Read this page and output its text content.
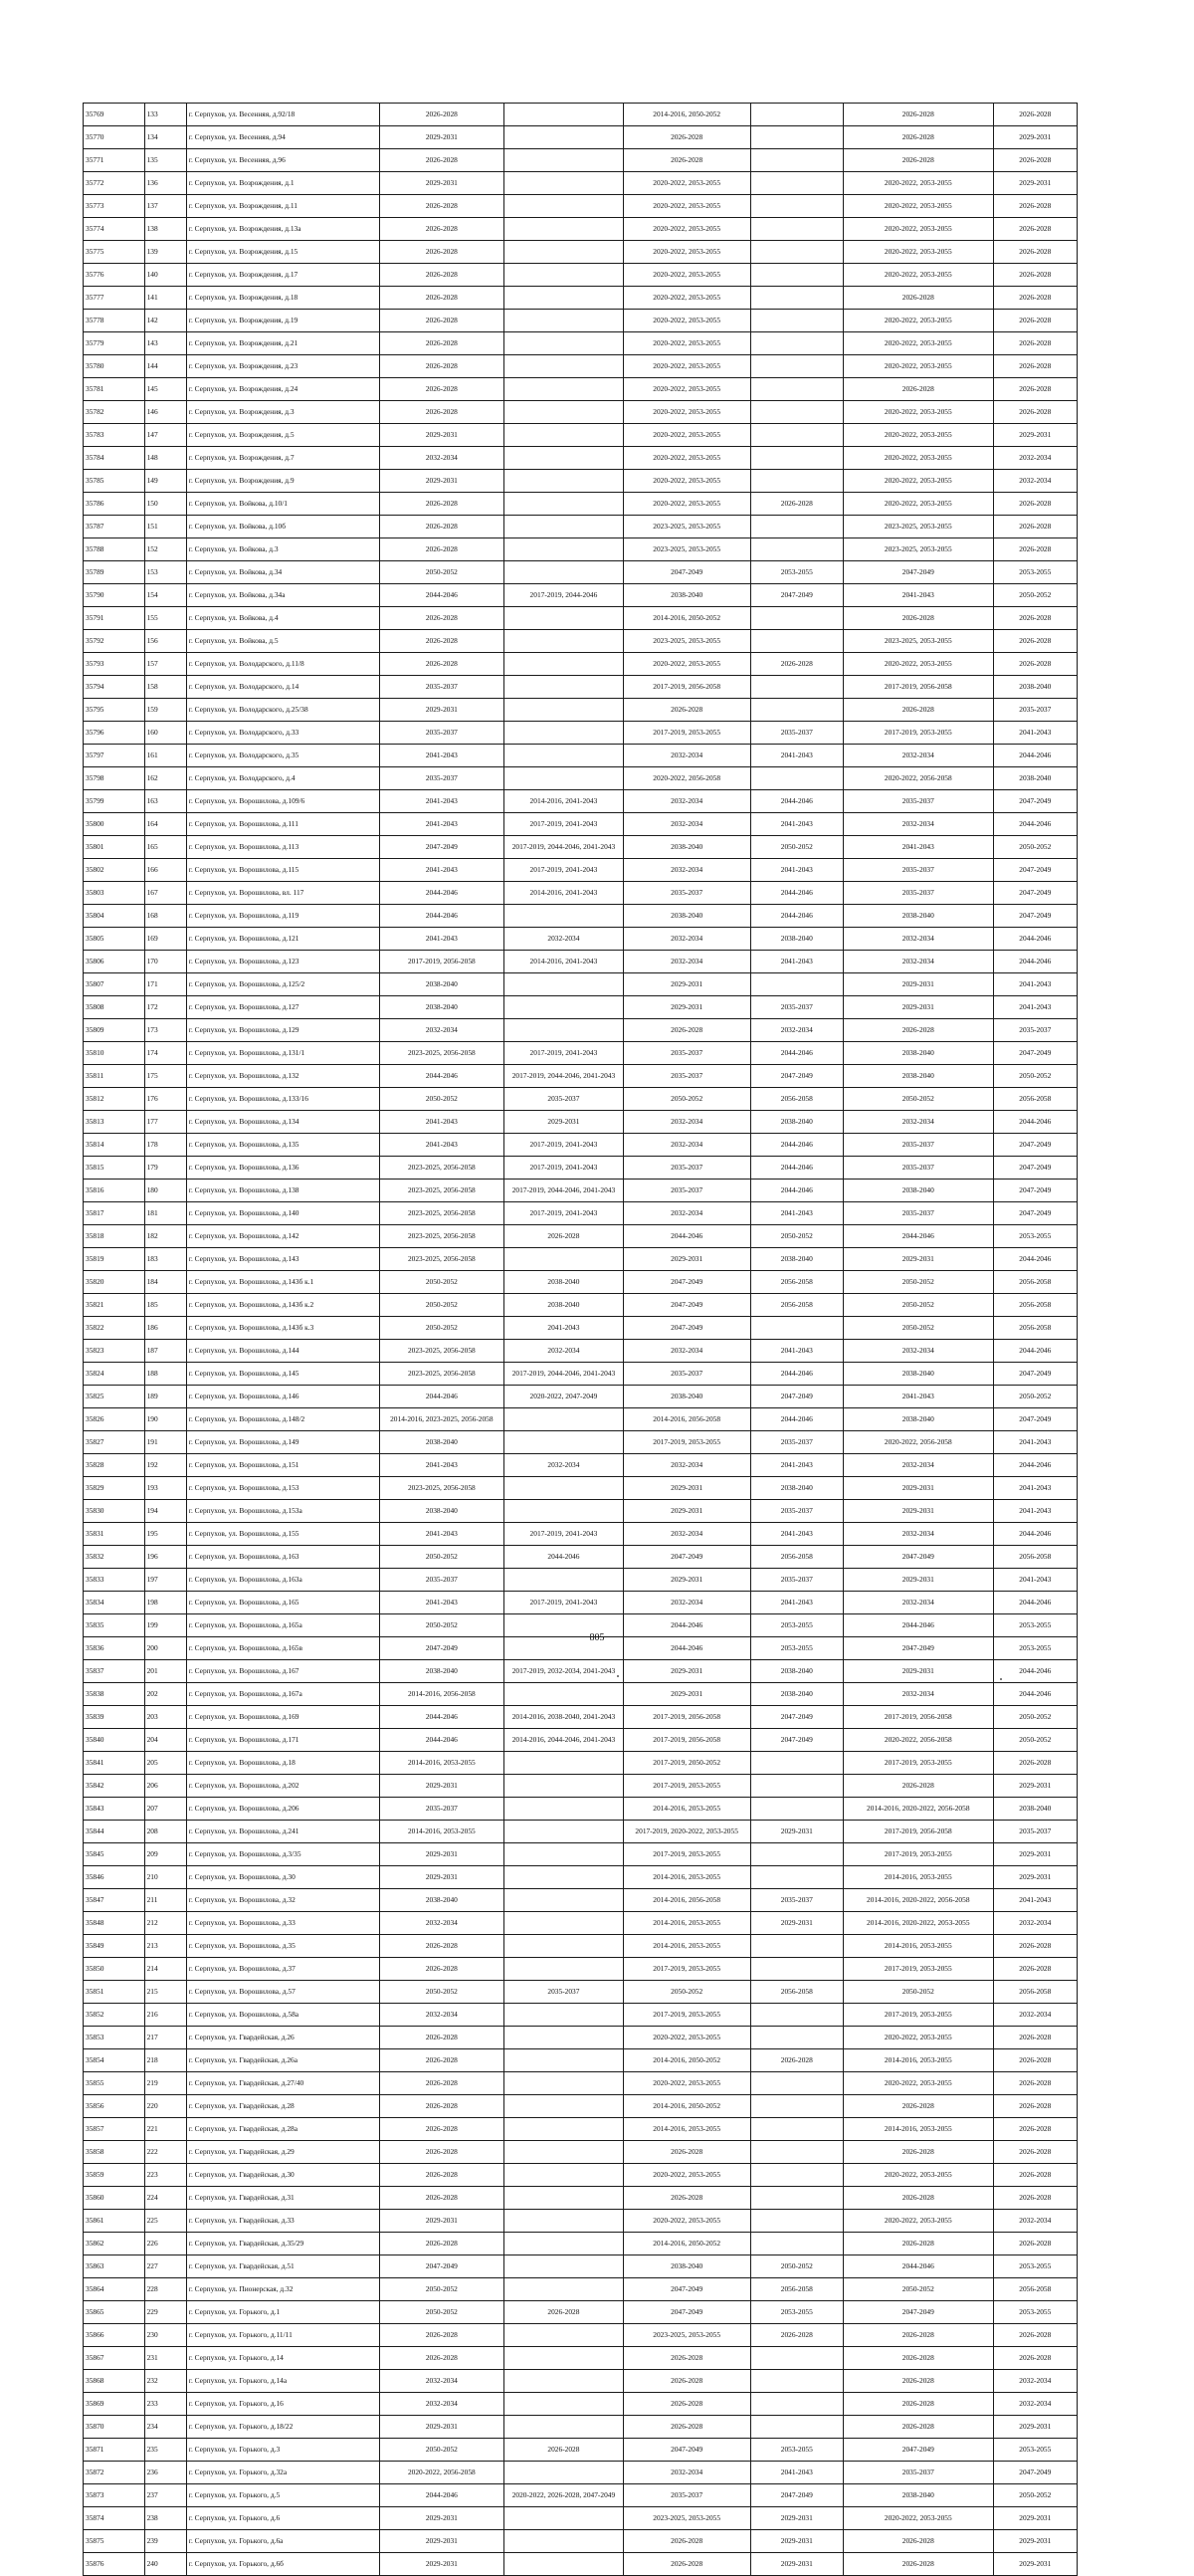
35769	133	г. Серпухов, ул. Весенняя, д.92/18	2026-2028		2014-2016, 2050-2052		2026-2028	2026-2028
35770	134	г. Серпухов, ул. Весенняя, д.94	2029-2031		2026-2028		2026-2028	2029-2031
35771	135	г. Серпухов, ул. Весенняя, д.96	2026-2028		2026-2028		2026-2028	2026-2028
35772	136	г. Серпухов, ул. Возрождения, д.1	2029-2031		2020-2022, 2053-2055		2020-2022, 2053-2055	2029-2031
35773	137	г. Серпухов, ул. Возрождения, д.11	2026-2028		2020-2022, 2053-2055		2020-2022, 2053-2055	2026-2028
35774	138	г. Серпухов, ул. Возрождения, д.13а	2026-2028		2020-2022, 2053-2055		2020-2022, 2053-2055	2026-2028
35775	139	г. Серпухов, ул. Возрождения, д.15	2026-2028		2020-2022, 2053-2055		2020-2022, 2053-2055	2026-2028
35776	140	г. Серпухов, ул. Возрождения, д.17	2026-2028		2020-2022, 2053-2055		2020-2022, 2053-2055	2026-2028
35777	141	г. Серпухов, ул. Возрождения, д.18	2026-2028		2020-2022, 2053-2055		2026-2028	2026-2028
35778	142	г. Серпухов, ул. Возрождения, д.19	2026-2028		2020-2022, 2053-2055		2020-2022, 2053-2055	2026-2028
35779	143	г. Серпухов, ул. Возрождения, д.21	2026-2028		2020-2022, 2053-2055		2020-2022, 2053-2055	2026-2028
35780	144	г. Серпухов, ул. Возрождения, д.23	2026-2028		2020-2022, 2053-2055		2020-2022, 2053-2055	2026-2028
35781	145	г. Серпухов, ул. Возрождения, д.24	2026-2028		2020-2022, 2053-2055		2026-2028	2026-2028
35782	146	г. Серпухов, ул. Возрождения, д.3	2026-2028		2020-2022, 2053-2055		2020-2022, 2053-2055	2026-2028
35783	147	г. Серпухов, ул. Возрождения, д.5	2029-2031		2020-2022, 2053-2055		2020-2022, 2053-2055	2029-2031
35784	148	г. Серпухов, ул. Возрождения, д.7	2032-2034		2020-2022, 2053-2055		2020-2022, 2053-2055	2032-2034
35785	149	г. Серпухов, ул. Возрождения, д.9	2029-2031		2020-2022, 2053-2055		2020-2022, 2053-2055	2032-2034
35786	150	г. Серпухов, ул. Войкова, д.10/1	2026-2028		2020-2022, 2053-2055	2026-2028	2020-2022, 2053-2055	2026-2028
35787	151	г. Серпухов, ул. Войкова, д.10б	2026-2028		2023-2025, 2053-2055		2023-2025, 2053-2055	2026-2028
35788	152	г. Серпухов, ул. Войкова, д.3	2026-2028		2023-2025, 2053-2055		2023-2025, 2053-2055	2026-2028
35789	153	г. Серпухов, ул. Войкова, д.34	2050-2052		2047-2049	2053-2055	2047-2049	2053-2055
35790	154	г. Серпухов, ул. Войкова, д.34а	2044-2046	2017-2019, 2044-2046	2038-2040	2047-2049	2041-2043	2050-2052
35791	155	г. Серпухов, ул. Войкова, д.4	2026-2028		2014-2016, 2050-2052		2026-2028	2026-2028
35792	156	г. Серпухов, ул. Войкова, д.5	2026-2028		2023-2025, 2053-2055		2023-2025, 2053-2055	2026-2028
35793	157	г. Серпухов, ул. Володарского, д.11/8	2026-2028		2020-2022, 2053-2055	2026-2028	2020-2022, 2053-2055	2026-2028
35794	158	г. Серпухов, ул. Володарского, д.14	2035-2037		2017-2019, 2056-2058		2017-2019, 2056-2058	2038-2040
35795	159	г. Серпухов, ул. Володарского, д.25/38	2029-2031		2026-2028		2026-2028	2035-2037
35796	160	г. Серпухов, ул. Володарского, д.33	2035-2037		2017-2019, 2053-2055	2035-2037	2017-2019, 2053-2055	2041-2043
35797	161	г. Серпухов, ул. Володарского, д.35	2041-2043		2032-2034	2041-2043	2032-2034	2044-2046
35798	162	г. Серпухов, ул. Володарского, д.4	2035-2037		2020-2022, 2056-2058		2020-2022, 2056-2058	2038-2040
35799	163	г. Серпухов, ул. Ворошилова, д.109/6	2041-2043	2014-2016, 2041-2043	2032-2034	2044-2046	2035-2037	2047-2049
35800	164	г. Серпухов, ул. Ворошилова, д.111	2041-2043	2017-2019, 2041-2043	2032-2034	2041-2043	2032-2034	2044-2046
35801	165	г. Серпухов, ул. Ворошилова, д.113	2047-2049	2017-2019, 2044-2046, 2041-2043	2038-2040	2050-2052	2041-2043	2050-2052
35802	166	г. Серпухов, ул. Ворошилова, д.115	2041-2043	2017-2019, 2041-2043	2032-2034	2041-2043	2035-2037	2047-2049
35803	167	г. Серпухов, ул. Ворошилова, вл. 117	2044-2046	2014-2016, 2041-2043	2035-2037	2044-2046	2035-2037	2047-2049
35804	168	г. Серпухов, ул. Ворошилова, д.119	2044-2046		2038-2040	2044-2046	2038-2040	2047-2049
35805	169	г. Серпухов, ул. Ворошилова, д.121	2041-2043	2032-2034	2032-2034	2038-2040	2032-2034	2044-2046
35806	170	г. Серпухов, ул. Ворошилова, д.123	2017-2019, 2056-2058	2014-2016, 2041-2043	2032-2034	2041-2043	2032-2034	2044-2046
35807	171	г. Серпухов, ул. Ворошилова, д.125/2	2038-2040		2029-2031		2029-2031	2041-2043
35808	172	г. Серпухов, ул. Ворошилова, д.127	2038-2040		2029-2031	2035-2037	2029-2031	2041-2043
35809	173	г. Серпухов, ул. Ворошилова, д.129	2032-2034		2026-2028	2032-2034	2026-2028	2035-2037
35810	174	г. Серпухов, ул. Ворошилова, д.131/1	2023-2025, 2056-2058	2017-2019, 2041-2043	2035-2037	2044-2046	2038-2040	2047-2049
35811	175	г. Серпухов, ул. Ворошилова, д.132	2044-2046	2017-2019, 2044-2046, 2041-2043	2035-2037	2047-2049	2038-2040	2050-2052
35812	176	г. Серпухов, ул. Ворошилова, д.133/16	2050-2052	2035-2037	2050-2052	2056-2058	2050-2052	2056-2058
35813	177	г. Серпухов, ул. Ворошилова, д.134	2041-2043	2029-2031	2032-2034	2038-2040	2032-2034	2044-2046
35814	178	г. Серпухов, ул. Ворошилова, д.135	2041-2043	2017-2019, 2041-2043	2032-2034	2044-2046	2035-2037	2047-2049
35815	179	г. Серпухов, ул. Ворошилова, д.136	2023-2025, 2056-2058	2017-2019, 2041-2043	2035-2037	2044-2046	2035-2037	2047-2049
35816	180	г. Серпухов, ул. Ворошилова, д.138	2023-2025, 2056-2058	2017-2019, 2044-2046, 2041-2043	2035-2037	2044-2046	2038-2040	2047-2049
35817	181	г. Серпухов, ул. Ворошилова, д.140	2023-2025, 2056-2058	2017-2019, 2041-2043	2032-2034	2041-2043	2035-2037	2047-2049
35818	182	г. Серпухов, ул. Ворошилова, д.142	2023-2025, 2056-2058	2026-2028	2044-2046	2050-2052	2044-2046	2053-2055
35819	183	г. Серпухов, ул. Ворошилова, д.143	2023-2025, 2056-2058		2029-2031	2038-2040	2029-2031	2044-2046
35820	184	г. Серпухов, ул. Ворошилова, д.143б к.1	2050-2052	2038-2040	2047-2049	2056-2058	2050-2052	2056-2058
35821	185	г. Серпухов, ул. Ворошилова, д.143б к.2	2050-2052	2038-2040	2047-2049	2056-2058	2050-2052	2056-2058
35822	186	г. Серпухов, ул. Ворошилова, д.143б к.3	2050-2052	2041-2043	2047-2049		2050-2052	2056-2058
35823	187	г. Серпухов, ул. Ворошилова, д.144	2023-2025, 2056-2058	2032-2034	2032-2034	2041-2043	2032-2034	2044-2046
35824	188	г. Серпухов, ул. Ворошилова, д.145	2023-2025, 2056-2058	2017-2019, 2044-2046, 2041-2043	2035-2037	2044-2046	2038-2040	2047-2049
35825	189	г. Серпухов, ул. Ворошилова, д.146	2044-2046	2020-2022, 2047-2049	2038-2040	2047-2049	2041-2043	2050-2052
35826	190	г. Серпухов, ул. Ворошилова, д.148/2	2014-2016, 2023-2025, 2056-2058		2014-2016, 2056-2058	2044-2046	2038-2040	2047-2049
35827	191	г. Серпухов, ул. Ворошилова, д.149	2038-2040		2017-2019, 2053-2055	2035-2037	2020-2022, 2056-2058	2041-2043
35828	192	г. Серпухов, ул. Ворошилова, д.151	2041-2043	2032-2034	2032-2034	2041-2043	2032-2034	2044-2046
35829	193	г. Серпухов, ул. Ворошилова, д.153	2023-2025, 2056-2058		2029-2031	2038-2040	2029-2031	2041-2043
35830	194	г. Серпухов, ул. Ворошилова, д.153а	2038-2040		2029-2031	2035-2037	2029-2031	2041-2043
35831	195	г. Серпухов, ул. Ворошилова, д.155	2041-2043	2017-2019, 2041-2043	2032-2034	2041-2043	2032-2034	2044-2046
35832	196	г. Серпухов, ул. Ворошилова, д.163	2050-2052	2044-2046	2047-2049	2056-2058	2047-2049	2056-2058
35833	197	г. Серпухов, ул. Ворошилова, д.163а	2035-2037		2029-2031	2035-2037	2029-2031	2041-2043
35834	198	г. Серпухов, ул. Ворошилова, д.165	2041-2043	2017-2019, 2041-2043	2032-2034	2041-2043	2032-2034	2044-2046
35835	199	г. Серпухов, ул. Ворошилова, д.165а	2050-2052		2044-2046	2053-2055	2044-2046	2053-2055
35836	200	г. Серпухов, ул. Ворошилова, д.165в	2047-2049		2044-2046	2053-2055	2047-2049	2053-2055
35837	201	г. Серпухов, ул. Ворошилова, д.167	2038-2040	2017-2019, 2032-2034, 2041-2043	2029-2031	2038-2040	2029-2031	2044-2046
35838	202	г. Серпухов, ул. Ворошилова, д.167а	2014-2016, 2056-2058		2029-2031	2038-2040	2032-2034	2044-2046
35839	203	г. Серпухов, ул. Ворошилова, д.169	2044-2046	2014-2016, 2038-2040, 2041-2043	2017-2019, 2056-2058	2047-2049	2017-2019, 2056-2058	2050-2052
35840	204	г. Серпухов, ул. Ворошилова, д.171	2044-2046	2014-2016, 2044-2046, 2041-2043	2017-2019, 2056-2058	2047-2049	2020-2022, 2056-2058	2050-2052
35841	205	г. Серпухов, ул. Ворошилова, д.18	2014-2016, 2053-2055		2017-2019, 2050-2052		2017-2019, 2053-2055	2026-2028
35842	206	г. Серпухов, ул. Ворошилова, д.202	2029-2031		2017-2019, 2053-2055		2026-2028	2029-2031
35843	207	г. Серпухов, ул. Ворошилова, д.206	2035-2037		2014-2016, 2053-2055		2014-2016, 2020-2022, 2056-2058	2038-2040
35844	208	г. Серпухов, ул. Ворошилова, д.241	2014-2016, 2053-2055		2017-2019, 2020-2022, 2053-2055	2029-2031	2017-2019, 2056-2058	2035-2037
35845	209	г. Серпухов, ул. Ворошилова, д.3/35	2029-2031		2017-2019, 2053-2055		2017-2019, 2053-2055	2029-2031
35846	210	г. Серпухов, ул. Ворошилова, д.30	2029-2031		2014-2016, 2053-2055		2014-2016, 2053-2055	2029-2031
35847	211	г. Серпухов, ул. Ворошилова, д.32	2038-2040		2014-2016, 2056-2058	2035-2037	2014-2016, 2020-2022, 2056-2058	2041-2043
35848	212	г. Серпухов, ул. Ворошилова, д.33	2032-2034		2014-2016, 2053-2055	2029-2031	2014-2016, 2020-2022, 2053-2055	2032-2034
35849	213	г. Серпухов, ул. Ворошилова, д.35	2026-2028		2014-2016, 2053-2055		2014-2016, 2053-2055	2026-2028
35850	214	г. Серпухов, ул. Ворошилова, д.37	2026-2028		2017-2019, 2053-2055		2017-2019, 2053-2055	2026-2028
35851	215	г. Серпухов, ул. Ворошилова, д.57	2050-2052	2035-2037	2050-2052	2056-2058	2050-2052	2056-2058
35852	216	г. Серпухов, ул. Ворошилова, д.58а	2032-2034		2017-2019, 2053-2055		2017-2019, 2053-2055	2032-2034
35853	217	г. Серпухов, ул. Гвардейская, д.26	2026-2028		2020-2022, 2053-2055		2020-2022, 2053-2055	2026-2028
35854	218	г. Серпухов, ул. Гвардейская, д.26а	2026-2028		2014-2016, 2050-2052	2026-2028	2014-2016, 2053-2055	2026-2028
35855	219	г. Серпухов, ул. Гвардейская, д.27/40	2026-2028		2020-2022, 2053-2055		2020-2022, 2053-2055	2026-2028
35856	220	г. Серпухов, ул. Гвардейская, д.28	2026-2028		2014-2016, 2050-2052		2026-2028	2026-2028
35857	221	г. Серпухов, ул. Гвардейская, д.28а	2026-2028		2014-2016, 2053-2055		2014-2016, 2053-2055	2026-2028
35858	222	г. Серпухов, ул. Гвардейская, д.29	2026-2028		2026-2028		2026-2028	2026-2028
35859	223	г. Серпухов, ул. Гвардейская, д.30	2026-2028		2020-2022, 2053-2055		2020-2022, 2053-2055	2026-2028
35860	224	г. Серпухов, ул. Гвардейская, д.31	2026-2028		2026-2028		2026-2028	2026-2028
35861	225	г. Серпухов, ул. Гвардейская, д.33	2029-2031		2020-2022, 2053-2055		2020-2022, 2053-2055	2032-2034
35862	226	г. Серпухов, ул. Гвардейская, д.35/29	2026-2028		2014-2016, 2050-2052		2026-2028	2026-2028
35863	227	г. Серпухов, ул. Гвардейская, д.51	2047-2049		2038-2040	2050-2052	2044-2046	2053-2055
35864	228	г. Серпухов, ул. Пионерская, д.32	2050-2052		2047-2049	2056-2058	2050-2052	2056-2058
35865	229	г. Серпухов, ул. Горького, д.1	2050-2052	2026-2028	2047-2049	2053-2055	2047-2049	2053-2055
35866	230	г. Серпухов, ул. Горького, д.11/11	2026-2028		2023-2025, 2053-2055	2026-2028	2026-2028	2026-2028
35867	231	г. Серпухов, ул. Горького, д.14	2026-2028		2026-2028		2026-2028	2026-2028
35868	232	г. Серпухов, ул. Горького, д.14а	2032-2034		2026-2028		2026-2028	2032-2034
35869	233	г. Серпухов, ул. Горького, д.16	2032-2034		2026-2028		2026-2028	2032-2034
35870	234	г. Серпухов, ул. Горького, д.18/22	2029-2031		2026-2028		2026-2028	2029-2031
35871	235	г. Серпухов, ул. Горького, д.3	2050-2052	2026-2028	2047-2049	2053-2055	2047-2049	2053-2055
35872	236	г. Серпухов, ул. Горького, д.32а	2020-2022, 2056-2058		2032-2034	2041-2043	2035-2037	2047-2049
35873	237	г. Серпухов, ул. Горького, д.5	2044-2046	2020-2022, 2026-2028, 2047-2049	2035-2037	2047-2049	2038-2040	2050-2052
35874	238	г. Серпухов, ул. Горького, д.6	2029-2031		2023-2025, 2053-2055	2029-2031	2020-2022, 2053-2055	2029-2031
35875	239	г. Серпухов, ул. Горького, д.6а	2029-2031		2026-2028	2029-2031	2026-2028	2029-2031
35876	240	г. Серпухов, ул. Горького, д.6б	2029-2031		2026-2028	2029-2031	2026-2028	2029-2031
805
